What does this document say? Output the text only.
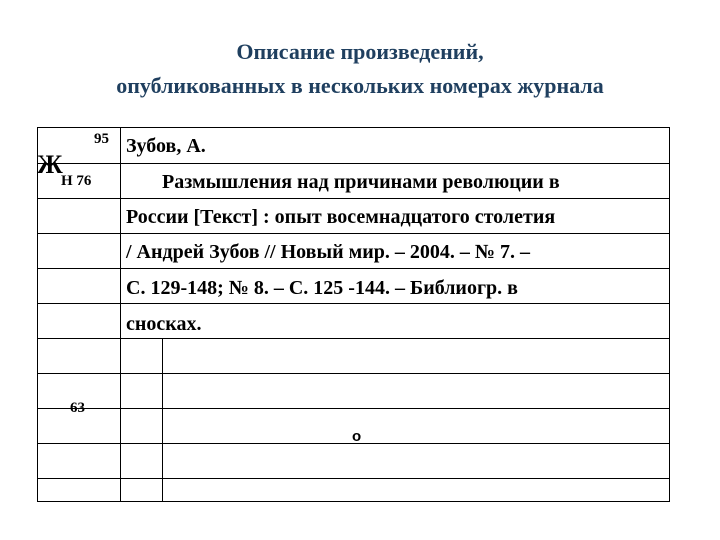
Описание произведений,
опубликованных в нескольких номерах журнала
95
Ж
Н 76
63
Зубов, А.
Размышления над причинами революции в
России [Текст] : опыт восемнадцатого столетия
/ Андрей Зубов // Новый мир. – 2004. – № 7. –
С. 129-148; № 8. – С. 125 -144. – Библиогр. в
сносках.
о
